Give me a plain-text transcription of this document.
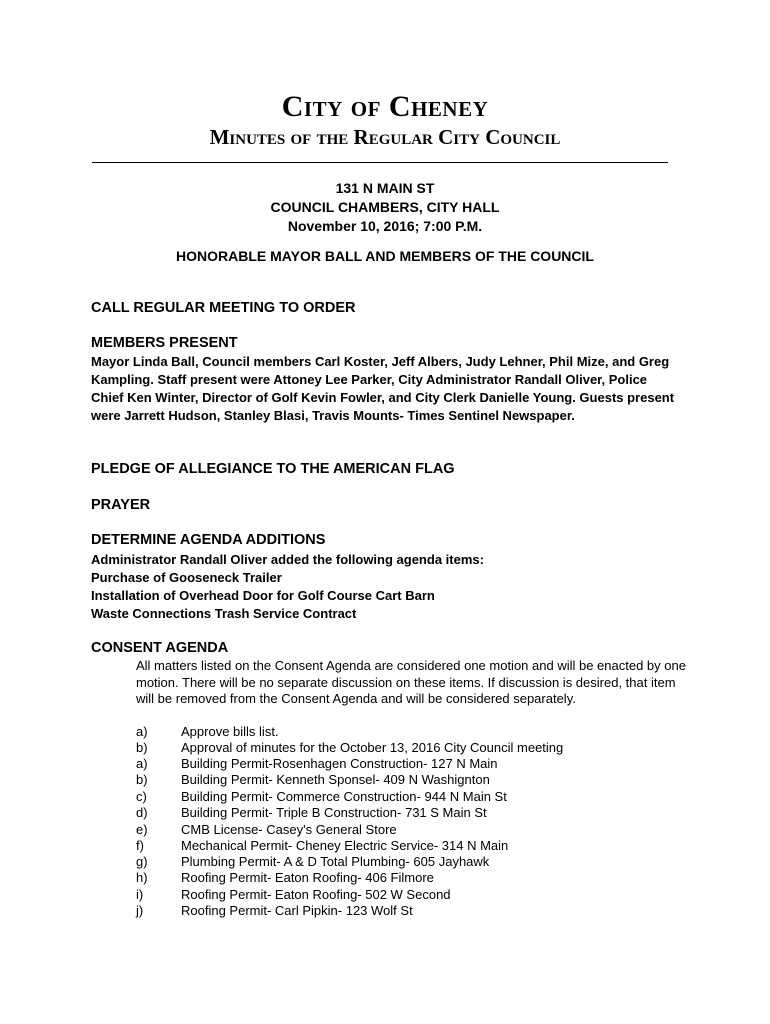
City of Cheney
Minutes of the Regular City Council
131 N MAIN ST
COUNCIL CHAMBERS, CITY HALL
November 10, 2016; 7:00 P.M.
HONORABLE MAYOR BALL AND MEMBERS OF THE COUNCIL
CALL REGULAR MEETING TO ORDER
MEMBERS PRESENT
Mayor Linda Ball, Council members Carl Koster, Jeff Albers, Judy Lehner, Phil Mize, and Greg Kampling. Staff present were Attoney Lee Parker, City Administrator Randall Oliver, Police Chief Ken Winter, Director of Golf Kevin Fowler, and City Clerk Danielle Young. Guests present were Jarrett Hudson, Stanley Blasi, Travis Mounts- Times Sentinel Newspaper.
PLEDGE OF ALLEGIANCE TO THE AMERICAN FLAG
PRAYER
DETERMINE AGENDA ADDITIONS
Administrator Randall Oliver added the following agenda items:
Purchase of Gooseneck Trailer
Installation of Overhead Door for Golf Course Cart Barn
Waste Connections Trash Service Contract
CONSENT AGENDA
All matters listed on the Consent Agenda are considered one motion and will be enacted by one motion. There will be no separate discussion on these items. If discussion is desired, that item will be removed from the Consent Agenda and will be considered separately.
a)	Approve bills list.
b)	Approval of minutes for the October 13, 2016 City Council meeting
a)	Building Permit-Rosenhagen Construction- 127 N Main
b)	Building Permit- Kenneth Sponsel- 409 N Washignton
c)	Building Permit- Commerce Construction- 944 N Main St
d)	Building Permit- Triple B Construction- 731 S Main St
e)	CMB License- Casey's General Store
f)	Mechanical Permit- Cheney Electric Service- 314 N Main
g)	Plumbing Permit- A & D Total Plumbing- 605 Jayhawk
h)	Roofing Permit- Eaton Roofing- 406 Filmore
i)	Roofing Permit- Eaton Roofing- 502 W Second
j)	Roofing Permit- Carl Pipkin- 123 Wolf St
